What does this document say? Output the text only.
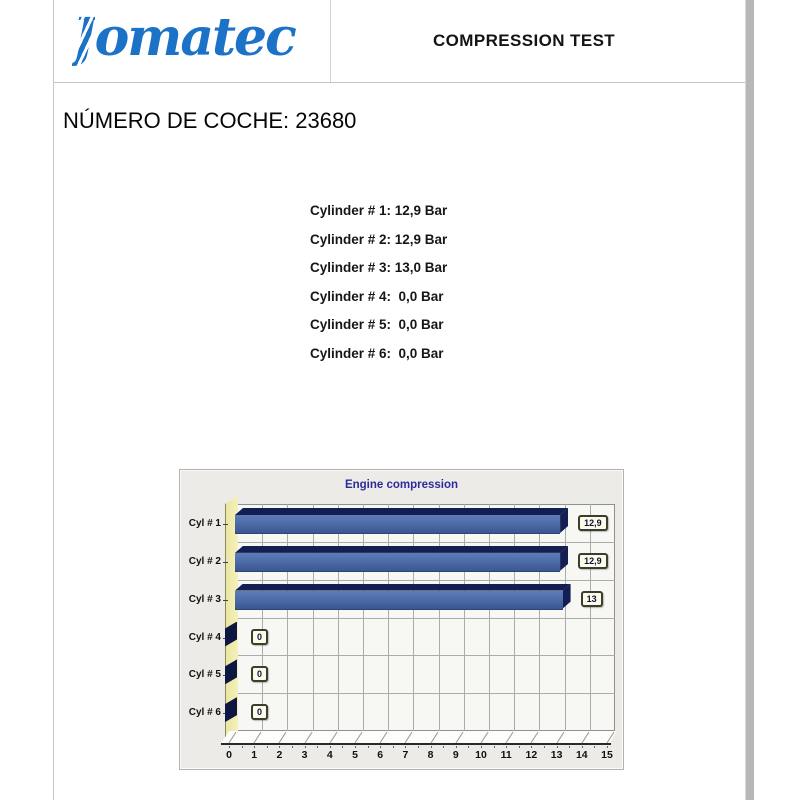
Jomatec	COMPRESSION TEST
NÚMERO DE COCHE: 23680
Cylinder # 1: 12,9 Bar
Cylinder # 2: 12,9 Bar
Cylinder # 3: 13,0 Bar
Cylinder # 4:  0,0 Bar
Cylinder # 5:  0,0 Bar
Cylinder # 6:  0,0 Bar
Engine compression
0	1	2	3	4	5	6	7	8	9	10	11	12	13	14	15
Cyl # 1	12,9
Cyl # 2	12,9
Cyl # 3	13
Cyl # 4	0
Cyl # 5	0
Cyl # 6	0
